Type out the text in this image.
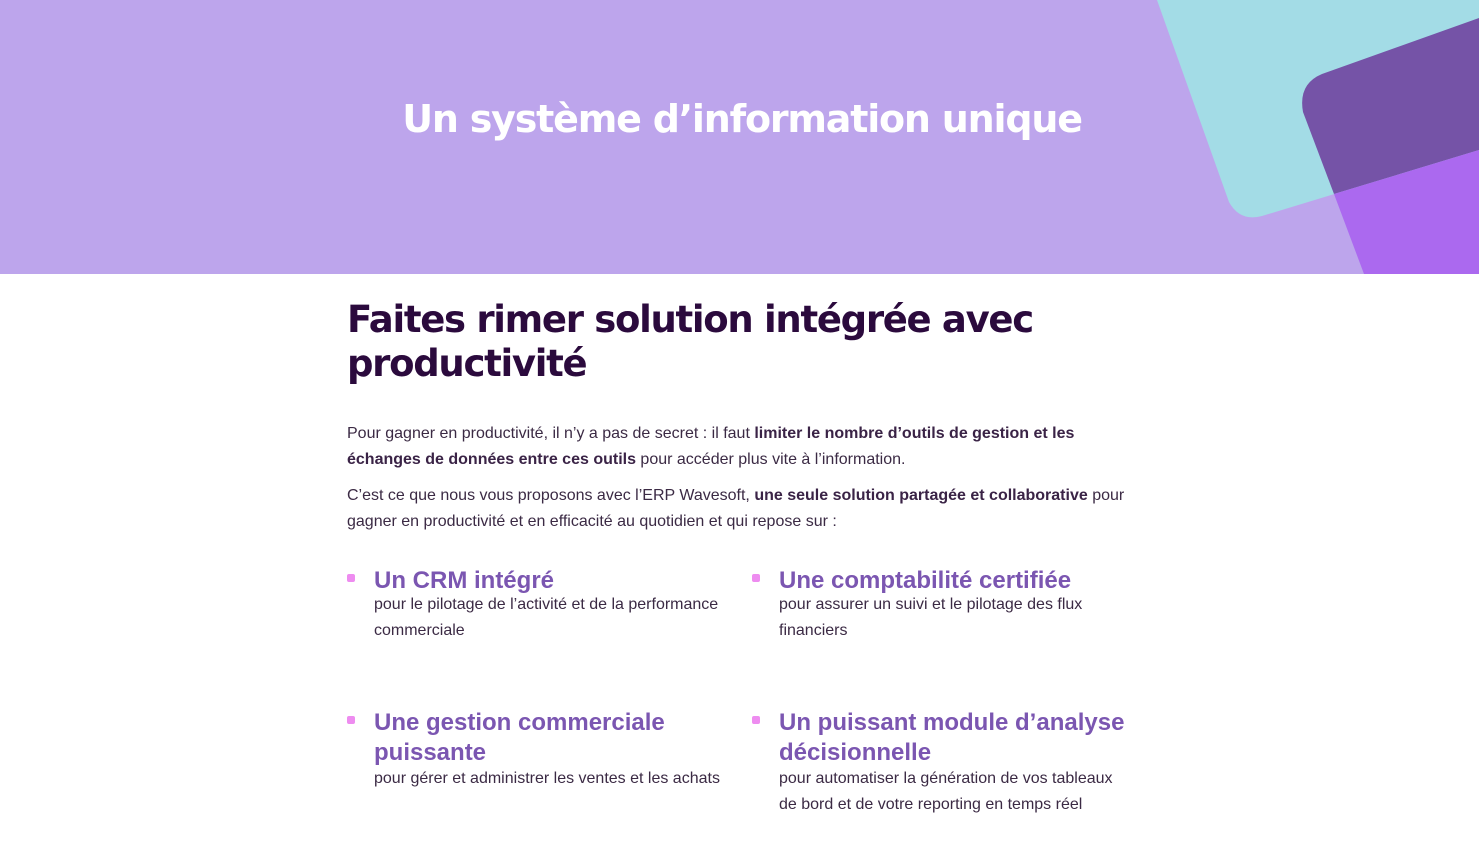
Un système d’information unique
Faites rimer solution intégrée avec productivité

Pour gagner en productivité, il n’y a pas de secret : il faut limiter le nombre d’outils de gestion et les échanges de données entre ces outils pour accéder plus vite à l’information.

C’est ce que nous vous proposons avec l’ERP Wavesoft, une seule solution partagée et collaborative pour gagner en productivité et en efficacité au quotidien et qui repose sur :

Un CRM intégré
pour le pilotage de l’activité et de la performance commerciale
Une comptabilité certifiée
pour assurer un suivi et le pilotage des flux financiers
Une gestion commerciale puissante
pour gérer et administrer les ventes et les achats
Un puissant module d’analyse décisionnelle
pour automatiser la génération de vos tableaux de bord et de votre reporting en temps réel
